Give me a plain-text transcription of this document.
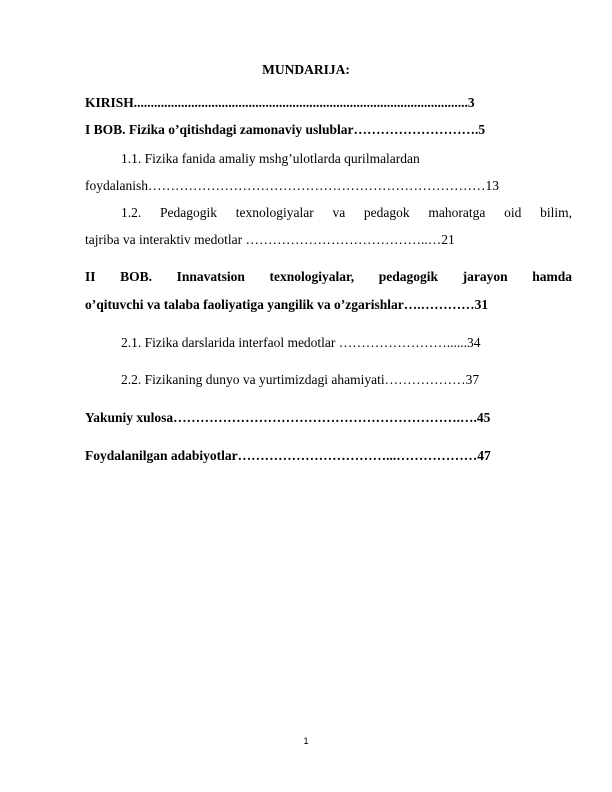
MUNDARIJA:
KIRISH...................................................................................................3
I BOB. Fizika o’qitishdagi zamonaviy uslublar……………………….5
1.1. Fizika fanida amaliy mshg’ulotlarda qurilmalardan
foydalanish…………………………………………………………………13
1.2. Pedagogik texnologiyalar va pedagok mahoratga oid bilim,
tajriba va interaktiv medotlar …………………………………..…21
II BOB. Innavatsion texnologiyalar, pedagogik jarayon hamda
o’qituvchi va talaba faoliyatiga yangilik va o’zgarishlar….…………31
2.1. Fizika darslarida interfaol medotlar ……………………......34
2.2. Fizikaning dunyo va yurtimizdagi ahamiyati………………37
Yakuniy xulosa……………………………………………………….….45
Foydalanilgan adabiyotlar……………………………...………………47
1
